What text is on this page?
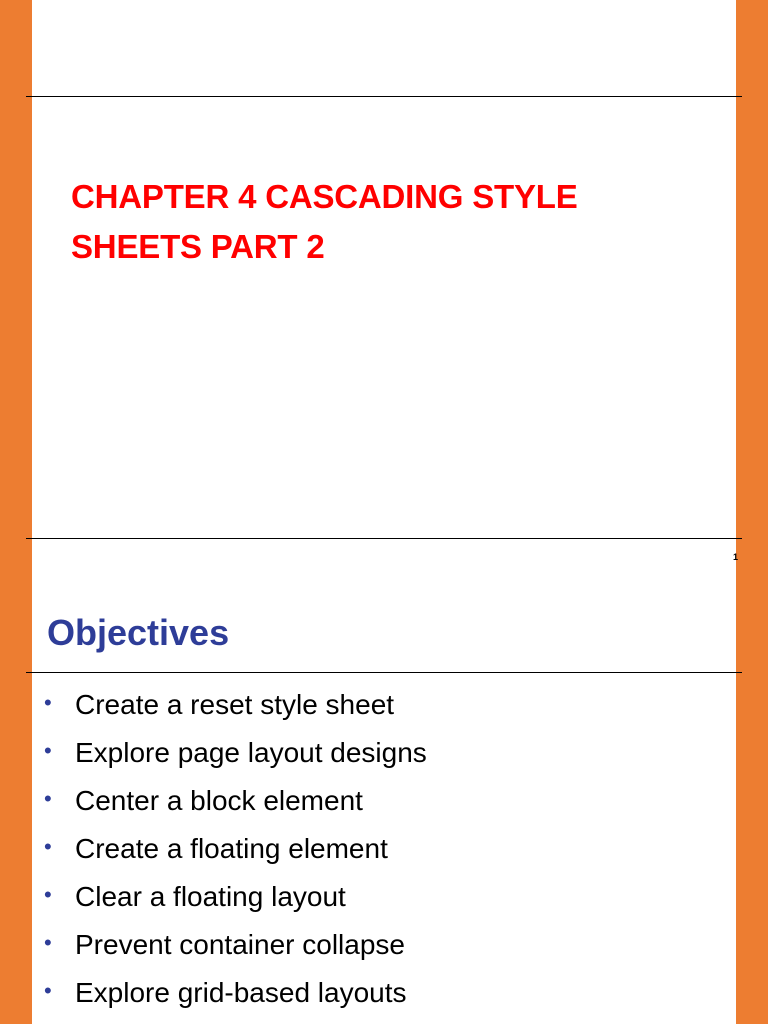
CHAPTER 4 CASCADING STYLE
SHEETS PART 2
1
Objectives
• Create a reset style sheet
• Explore page layout designs
• Center a block element
• Create a floating element
• Clear a floating layout
• Prevent container collapse
• Explore grid-based layouts
